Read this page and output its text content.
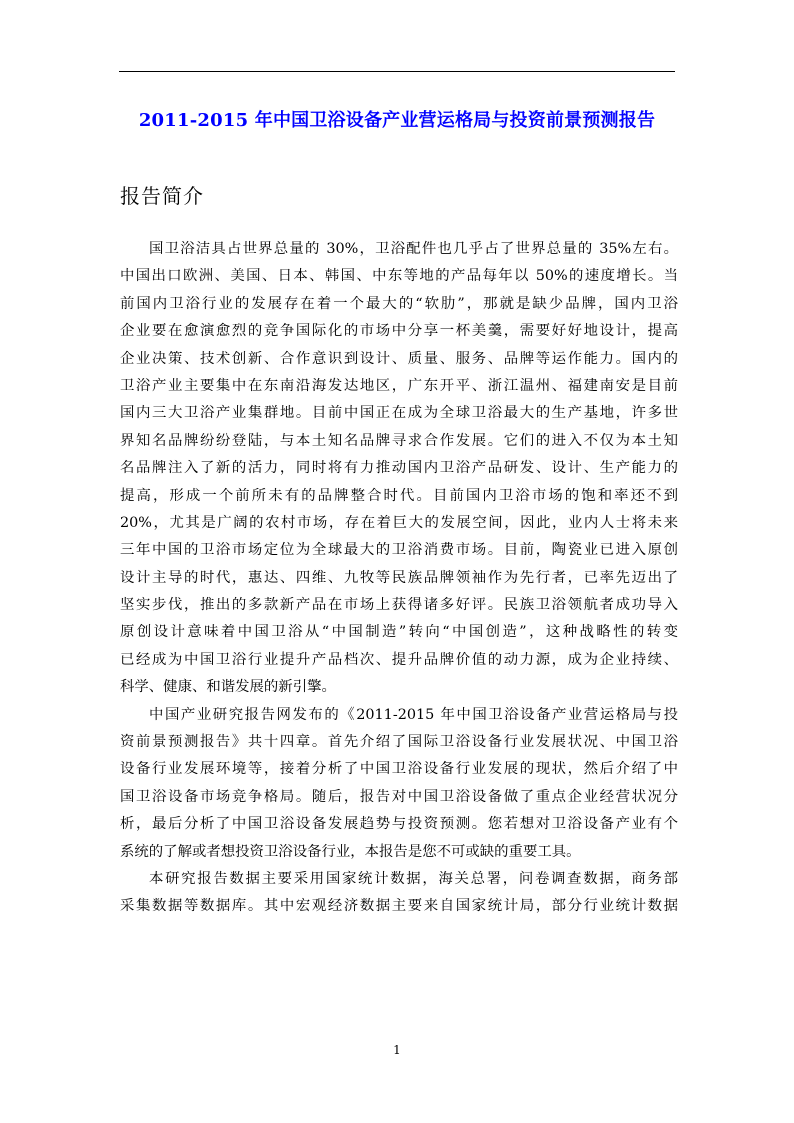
2011-2015 年中国卫浴设备产业营运格局与投资前景预测报告
报告简介
国卫浴洁具占世界总量的 30%，卫浴配件也几乎占了世界总量的 35%左右。
中国出口欧洲、美国、日本、韩国、中东等地的产品每年以 50%的速度增长。当
前国内卫浴行业的发展存在着一个最大的“软肋”，那就是缺少品牌，国内卫浴
企业要在愈演愈烈的竞争国际化的市场中分享一杯美羹，需要好好地设计，提高
企业决策、技术创新、合作意识到设计、质量、服务、品牌等运作能力。国内的
卫浴产业主要集中在东南沿海发达地区，广东开平、浙江温州、福建南安是目前
国内三大卫浴产业集群地。目前中国正在成为全球卫浴最大的生产基地，许多世
界知名品牌纷纷登陆，与本土知名品牌寻求合作发展。它们的进入不仅为本土知
名品牌注入了新的活力，同时将有力推动国内卫浴产品研发、设计、生产能力的
提高，形成一个前所未有的品牌整合时代。目前国内卫浴市场的饱和率还不到
20%，尤其是广阔的农村市场，存在着巨大的发展空间，因此，业内人士将未来
三年中国的卫浴市场定位为全球最大的卫浴消费市场。目前，陶瓷业已进入原创
设计主导的时代，惠达、四维、九牧等民族品牌领袖作为先行者，已率先迈出了
坚实步伐，推出的多款新产品在市场上获得诸多好评。民族卫浴领航者成功导入
原创设计意味着中国卫浴从“中国制造”转向“中国创造”，这种战略性的转变
已经成为中国卫浴行业提升产品档次、提升品牌价值的动力源，成为企业持续、
科学、健康、和谐发展的新引擎。
中国产业研究报告网发布的《2011-2015 年中国卫浴设备产业营运格局与投
资前景预测报告》共十四章。首先介绍了国际卫浴设备行业发展状况、中国卫浴
设备行业发展环境等，接着分析了中国卫浴设备行业发展的现状，然后介绍了中
国卫浴设备市场竞争格局。随后，报告对中国卫浴设备做了重点企业经营状况分
析，最后分析了中国卫浴设备发展趋势与投资预测。您若想对卫浴设备产业有个
系统的了解或者想投资卫浴设备行业，本报告是您不可或缺的重要工具。
本研究报告数据主要采用国家统计数据，海关总署，问卷调查数据，商务部
采集数据等数据库。其中宏观经济数据主要来自国家统计局，部分行业统计数据
1
